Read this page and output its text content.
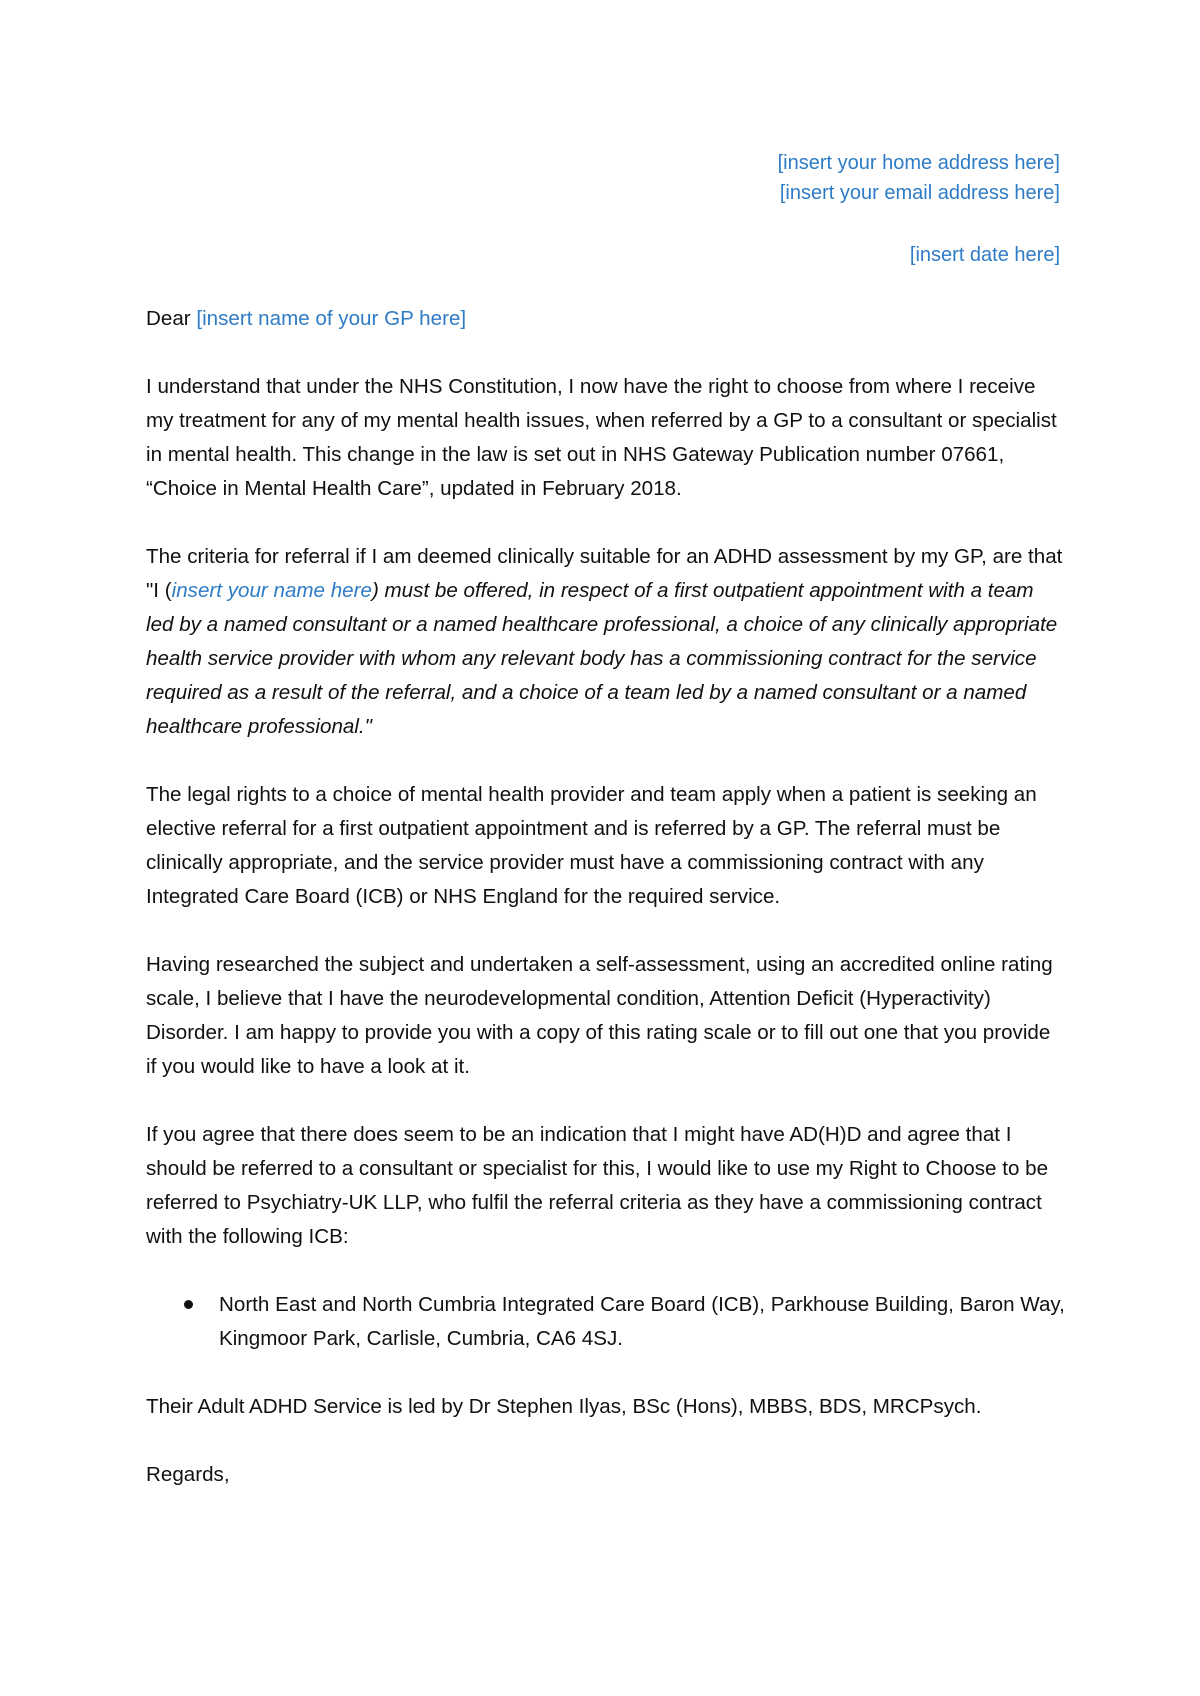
[insert your home address here]
[insert your email address here]
[insert date here]

Dear [insert name of your GP here]

I understand that under the NHS Constitution, I now have the right to choose from where I receive my treatment for any of my mental health issues, when referred by a GP to a consultant or specialist in mental health. This change in the law is set out in NHS Gateway Publication number 07661, “Choice in Mental Health Care”, updated in February 2018.

The criteria for referral if I am deemed clinically suitable for an ADHD assessment by my GP, are that "I (insert your name here) must be offered, in respect of a first outpatient appointment with a team led by a named consultant or a named healthcare professional, a choice of any clinically appropriate health service provider with whom any relevant body has a commissioning contract for the service required as a result of the referral, and a choice of a team led by a named consultant or a named healthcare professional."

The legal rights to a choice of mental health provider and team apply when a patient is seeking an elective referral for a first outpatient appointment and is referred by a GP. The referral must be clinically appropriate, and the service provider must have a commissioning contract with any Integrated Care Board (ICB) or NHS England for the required service.

Having researched the subject and undertaken a self-assessment, using an accredited online rating scale, I believe that I have the neurodevelopmental condition, Attention Deficit (Hyperactivity) Disorder. I am happy to provide you with a copy of this rating scale or to fill out one that you provide if you would like to have a look at it.

If you agree that there does seem to be an indication that I might have AD(H)D and agree that I should be referred to a consultant or specialist for this, I would like to use my Right to Choose to be referred to Psychiatry-UK LLP, who fulfil the referral criteria as they have a commissioning contract with the following ICB:

North East and North Cumbria Integrated Care Board (ICB), Parkhouse Building, Baron Way, Kingmoor Park, Carlisle, Cumbria, CA6 4SJ.

Their Adult ADHD Service is led by Dr Stephen Ilyas, BSc (Hons), MBBS, BDS, MRCPsych.

Regards,
